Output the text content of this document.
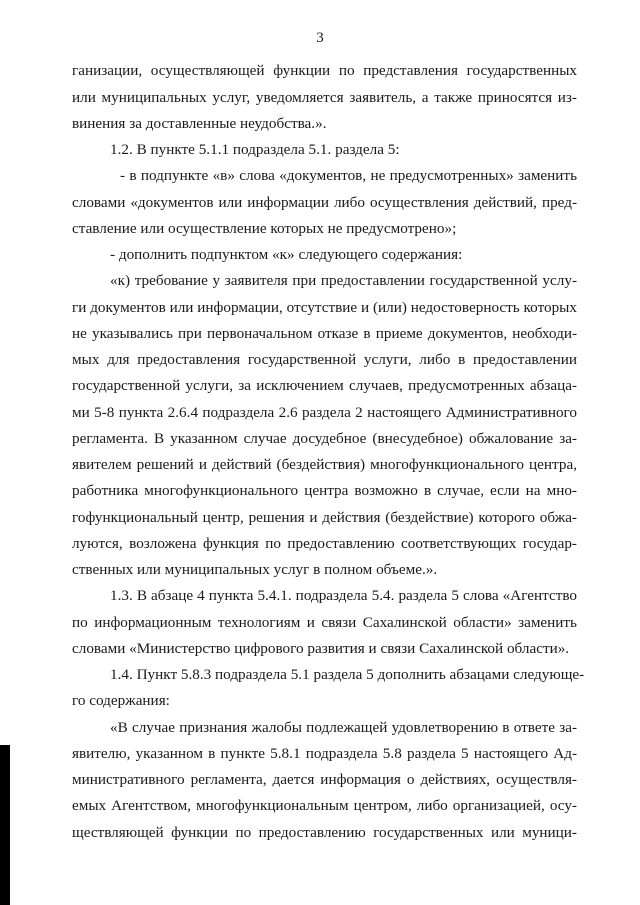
3
ганизации, осуществляющей функции по представления государственных
или муниципальных услуг, уведомляется заявитель, а также приносятся из-
винения за доставленные неудобства.».
1.2. В пункте 5.1.1 подраздела 5.1. раздела 5:
- в подпункте «в» слова «документов, не предусмотренных» заменить
словами «документов или информации либо осуществления действий, пред-
ставление или осуществление которых не предусмотрено»;
- дополнить подпунктом «к» следующего содержания:
«к) требование у заявителя при предоставлении государственной услу-
ги документов или информации, отсутствие и (или) недостоверность которых
не указывались при первоначальном отказе в приеме документов, необходи-
мых для предоставления государственной услуги, либо в предоставлении
государственной услуги, за исключением случаев, предусмотренных абзаца-
ми 5-8 пункта 2.6.4 подраздела 2.6 раздела 2 настоящего Административного
регламента. В указанном случае досудебное (внесудебное) обжалование за-
явителем решений и действий (бездействия) многофункционального центра,
работника многофункционального центра возможно в случае, если на мно-
гофункциональный центр, решения и действия (бездействие) которого обжа-
луются, возложена функция по предоставлению соответствующих государ-
ственных или муниципальных услуг в полном объеме.».
1.3. В абзаце 4 пункта 5.4.1. подраздела 5.4. раздела 5 слова «Агентство
по информационным технологиям и связи Сахалинской области» заменить
словами «Министерство цифрового развития и связи Сахалинской области».
1.4. Пункт 5.8.3 подраздела 5.1 раздела 5 дополнить абзацами следующе-
го содержания:
«В случае признания жалобы подлежащей удовлетворению в ответе за-
явителю, указанном в пункте 5.8.1 подраздела 5.8 раздела 5 настоящего Ад-
министративного регламента, дается информация о действиях, осуществля-
емых Агентством, многофункциональным центром, либо организацией, осу-
ществляющей функции по предоставлению государственных или муници-
